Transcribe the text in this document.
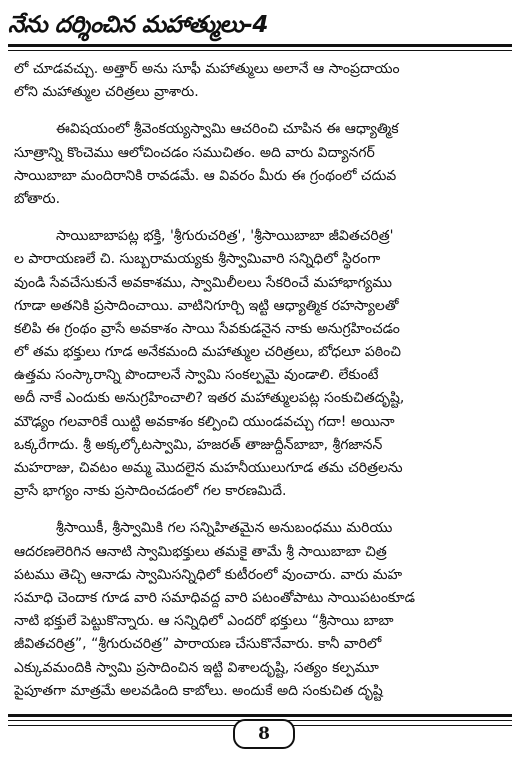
నేను దర్శించిన మహాత్ములు-4
లో చూడవచ్చు. అత్తార్ అను సూఫీ మహాత్ములు అలానే ఆ సాంప్రదాయం
లోని మహాత్ముల చరిత్రలు వ్రాశారు.
ఈవిషయంలో శ్రీవెంకయ్యస్వామి ఆచరించి చూపిన ఈ ఆధ్యాత్మిక
సూత్రాన్ని కొంచెము ఆలోచించడం సముచితం. అది వారు విద్యానగర్
సాయిబాబా మందిరానికి రావడమే. ఆ వివరం మీరు ఈ గ్రంథంలో చదువ
బోతారు.
సాయిబాబాపట్ల భక్తి, 'శ్రీగురుచరిత్ర', 'శ్రీసాయిబాబా జీవితచరిత్ర'
ల పారాయణలే చి. సుబ్బరామయ్యకు శ్రీస్వామివారి సన్నిధిలో స్థిరంగా
వుండి సేవచేసుకునే అవకాశము, స్వామిలీలలు సేకరించే మహాభాగ్యము
గూడా అతనికి ప్రసాదించాయి. వాటినిగూర్చి ఇట్టి ఆధ్యాత్మిక రహస్యాలతో
కలిపి ఈ గ్రంథం వ్రాసే అవకాశం సాయి సేవకుడనైన నాకు అనుగ్రహించడం
లో తమ భక్తులు గూడ అనేకమంది మహాత్ముల చరిత్రలు, బోధలూ పఠించి
ఉత్తమ సంస్కారాన్ని పొందాలనే స్వామి సంకల్పమై వుండాలి. లేకుంటే
అదీ నాకే ఎందుకు అనుగ్రహించాలి? ఇతర మహాత్ములపట్ల సంకుచితదృష్టి,
మౌఢ్యం గలవారికే యిట్టి అవకాశం కల్పించి యుండవచ్చు గదా! అయినా
ఒక్కరేగాదు. శ్రీ అక్కల్కోటస్వామి, హజరత్ తాజుద్దీన్‌బాబా, శ్రీగజానన్
మహరాజు, చివటం అమ్మ మొదలైన మహనీయులుగూడ తమ చరిత్రలను
వ్రాసే భాగ్యం నాకు ప్రసాదించడంలో గల కారణమిదే.
శ్రీసాయికీ, శ్రీస్వామికి గల సన్నిహితమైన అనుబంధము మరియు
ఆదరణలెరిగిన ఆనాటి స్వామిభక్తులు తమకై తామే శ్రీ సాయిబాబా చిత్ర
పటము తెచ్చి ఆనాడు స్వామిసన్నిధిలో కుటీరంలో వుంచారు. వారు మహ
సమాధి చెందాక గూడ వారి సమాధివద్ద వారి పటంతోపాటు సాయిపటంకూడ
నాటి భక్తులే పెట్టుకొన్నారు. ఆ సన్నిధిలో ఎందరో భక్తులు “శ్రీసాయి బాబా
జీవితచరిత్ర”, “శ్రీగురుచరిత్ర” పారాయణ చేసుకొనేవారు. కానీ వారిలో
ఎక్కువమందికి స్వామి ప్రసాదించిన ఇట్టి విశాలదృష్టి, సత్యం కల్పమూ
పైపూతగా మాత్రమే అలవడింది కాబోలు. అందుకే అది సంకుచిత దృష్టి
8
